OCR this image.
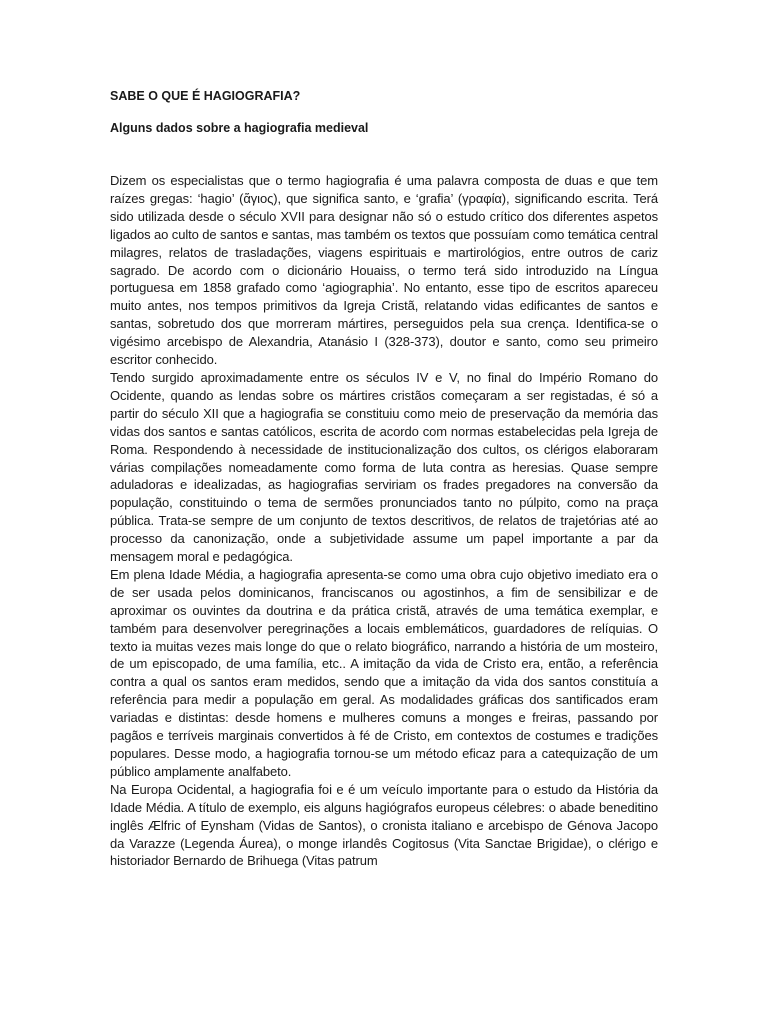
SABE O QUE É HAGIOGRAFIA?
Alguns dados sobre a hagiografia medieval

Dizem os especialistas que o termo hagiografia é uma palavra composta de duas e que tem raízes gregas: ‘hagio’ (ἅγιος), que significa santo, e ‘grafia’ (γραφία), significando escrita. Terá sido utilizada desde o século XVII para designar não só o estudo crítico dos diferentes aspetos ligados ao culto de santos e santas, mas também os textos que possuíam como temática central milagres, relatos de trasladações, viagens espirituais e martirológios, entre outros de cariz sagrado. De acordo com o dicionário Houaiss, o termo terá sido introduzido na Língua portuguesa em 1858 grafado como ‘agiographia’. No entanto, esse tipo de escritos apareceu muito antes, nos tempos primitivos da Igreja Cristã, relatando vidas edificantes de santos e santas, sobretudo dos que morreram mártires, perseguidos pela sua crença. Identifica-se o vigésimo arcebispo de Alexandria, Atanásio I (328-373), doutor e santo, como seu primeiro escritor conhecido.

Tendo surgido aproximadamente entre os séculos IV e V, no final do Império Romano do Ocidente, quando as lendas sobre os mártires cristãos começaram a ser registadas, é só a partir do século XII que a hagiografia se constituiu como meio de preservação da memória das vidas dos santos e santas católicos, escrita de acordo com normas estabelecidas pela Igreja de Roma. Respondendo à necessidade de institucionalização dos cultos, os clérigos elaboraram várias compilações nomeadamente como forma de luta contra as heresias. Quase sempre aduladoras e idealizadas, as hagiografias serviriam os frades pregadores na conversão da população, constituindo o tema de sermões pronunciados tanto no púlpito, como na praça pública. Trata-se sempre de um conjunto de textos descritivos, de relatos de trajetórias até ao processo da canonização, onde a subjetividade assume um papel importante a par da mensagem moral e pedagógica.

Em plena Idade Média, a hagiografia apresenta-se como uma obra cujo objetivo imediato era o de ser usada pelos dominicanos, franciscanos ou agostinhos, a fim de sensibilizar e de aproximar os ouvintes da doutrina e da prática cristã, através de uma temática exemplar, e também para desenvolver peregrinações a locais emblemáticos, guardadores de relíquias. O texto ia muitas vezes mais longe do que o relato biográfico, narrando a história de um mosteiro, de um episcopado, de uma família, etc.. A imitação da vida de Cristo era, então, a referência contra a qual os santos eram medidos, sendo que a imitação da vida dos santos constituía a referência para medir a população em geral. As modalidades gráficas dos santificados eram variadas e distintas: desde homens e mulheres comuns a monges e freiras, passando por pagãos e terríveis marginais convertidos à fé de Cristo, em contextos de costumes e tradições populares. Desse modo, a hagiografia tornou-se um método eficaz para a catequização de um público amplamente analfabeto.

Na Europa Ocidental, a hagiografia foi e é um veículo importante para o estudo da História da Idade Média. A título de exemplo, eis alguns hagiógrafos europeus célebres: o abade beneditino inglês Ælfric of Eynsham (Vidas de Santos), o cronista italiano e arcebispo de Génova Jacopo da Varazze (Legenda Áurea), o monge irlandês Cogitosus (Vita Sanctae Brigidae), o clérigo e historiador Bernardo de Brihuega (Vitas patrum
